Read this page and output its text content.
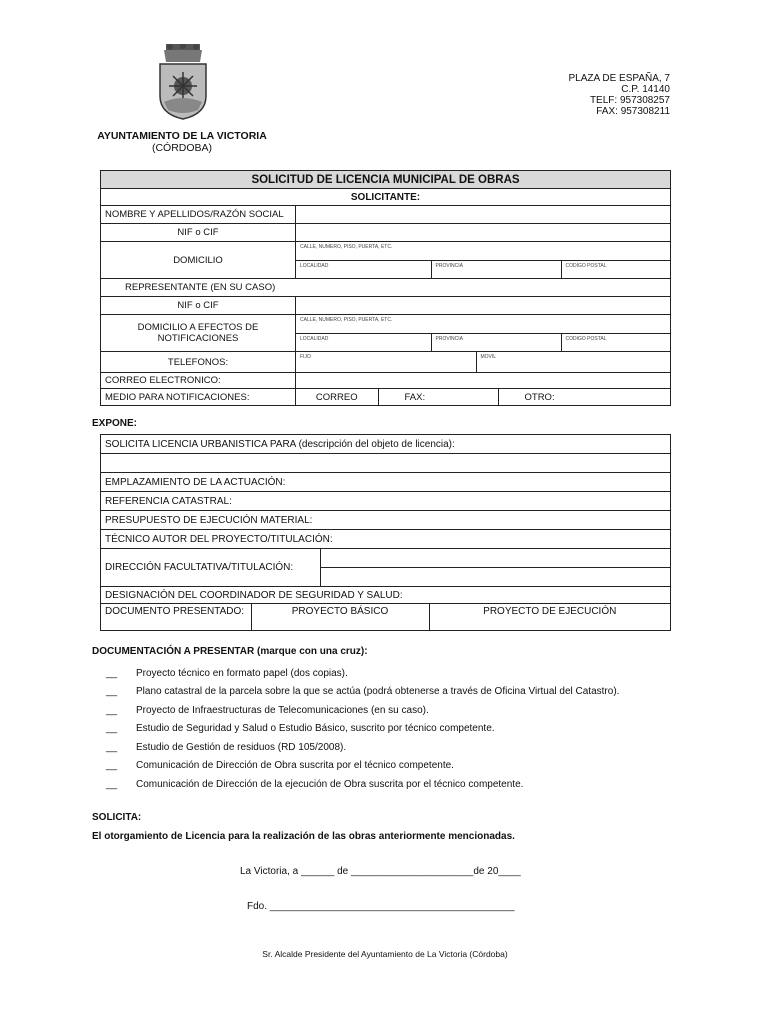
PLAZA DE ESPAÑA, 7
C.P. 14140
TELF: 957308257
FAX: 957308211
AYUNTAMIENTO DE LA VICTORIA
(CÓRDOBA)
SOLICITUD DE LICENCIA MUNICIPAL DE OBRAS
SOLICITANTE:
NOMBRE Y APELLIDOS/RAZÓN SOCIAL	
NIF o CIF	
DOMICILIO	
CALLE, NUMERO, PISO, PUERTA, ETC.
LOCALIDAD	PROVINCIA	CODIGO POSTAL

REPRESENTANTE (EN SU CASO)
NIF o CIF	

DOMICILIO A EFECTOS DE
NOTIFICACIONES

CALLE, NUMERO, PISO, PUERTA, ETC.
LOCALIDAD	PROVINCIA	CODIGO POSTAL

TELEFONOS:		FIJO	MOVIL

CORREO ELECTRONICO:	
MEDIO PARA NOTIFICACIONES:		CORREO	FAX:	OTRO:
EXPONE:
SOLICITA LICENCIA URBANISTICA PARA (descripción del objeto de licencia):

EMPLAZAMIENTO DE LA ACTUACIÓN:
REFERENCIA CATASTRAL:
PRESUPUESTO DE EJECUCIÓN MATERIAL:
TÉCNICO AUTOR DEL PROYECTO/TITULACIÓN:
DIRECCIÓN FACULTATIVA/TITULACIÓN:	

DESIGNACIÓN DEL COORDINADOR DE SEGURIDAD Y SALUD:

DOCUMENTO PRESENTADO:	PROYECTO BÁSICO	PROYECTO DE EJECUCIÓN
DOCUMENTACIÓN A PRESENTAR (marque con una cruz):
__	Proyecto técnico en formato papel (dos copias).
__	Plano catastral de la parcela sobre la que se actúa (podrá obtenerse a través de Oficina Virtual del Catastro).
__	Proyecto de Infraestructuras de Telecomunicaciones (en su caso).
__	Estudio de Seguridad y Salud o Estudio Básico, suscrito por técnico competente.
__	Estudio de Gestión de residuos (RD 105/2008).
__	Comunicación de Dirección de Obra suscrita por el técnico competente.
__	Comunicación de Dirección de la ejecución de Obra suscrita por el técnico competente.
SOLICITA:
El otorgamiento de Licencia para la realización de las obras anteriormente mencionadas.
La Victoria, a ______ de ______________________de 20____
Fdo. ____________________________________________
Sr. Alcalde Presidente del Ayuntamiento de La Victoria (Córdoba)
